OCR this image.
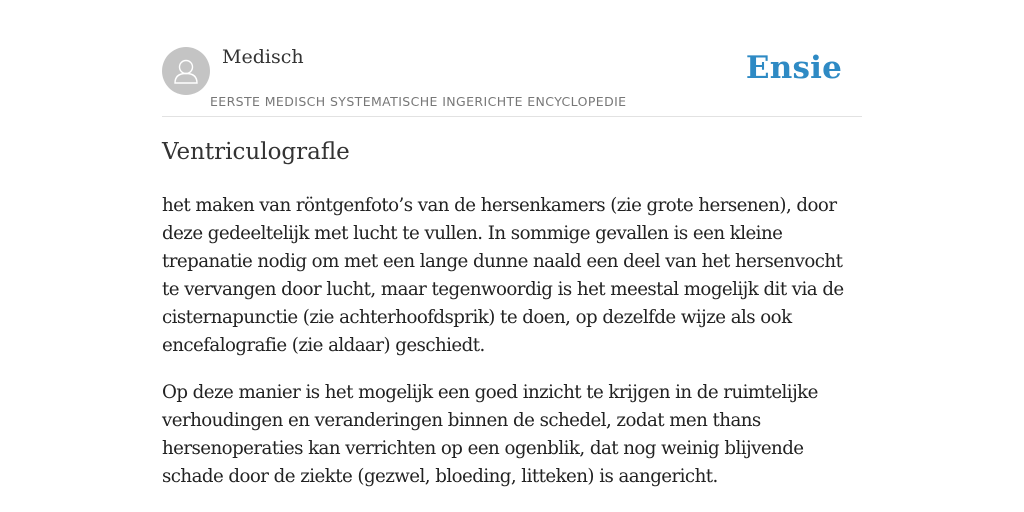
Medisch
EERSTE MEDISCH SYSTEMATISCHE INGERICHTE ENCYCLOPEDIE
Ensie
Ventriculografle

het maken van röntgenfoto’s van de hersenkamers (zie grote hersenen), door deze gedeeltelijk met lucht te vullen. In sommige gevallen is een kleine trepanatie nodig om met een lange dunne naald een deel van het hersenvocht te vervangen door lucht, maar tegenwoordig is het meestal mogelijk dit via de cisternapunctie (zie achterhoofdsprik) te doen, op dezelfde wijze als ook encefalografie (zie aldaar) geschiedt.

Op deze manier is het mogelijk een goed inzicht te krijgen in de ruimtelijke verhoudingen en veranderingen binnen de schedel, zodat men thans hersenoperaties kan verrichten op een ogenblik, dat nog weinig blijvende schade door de ziekte (gezwel, bloeding, litteken) is aangericht.
